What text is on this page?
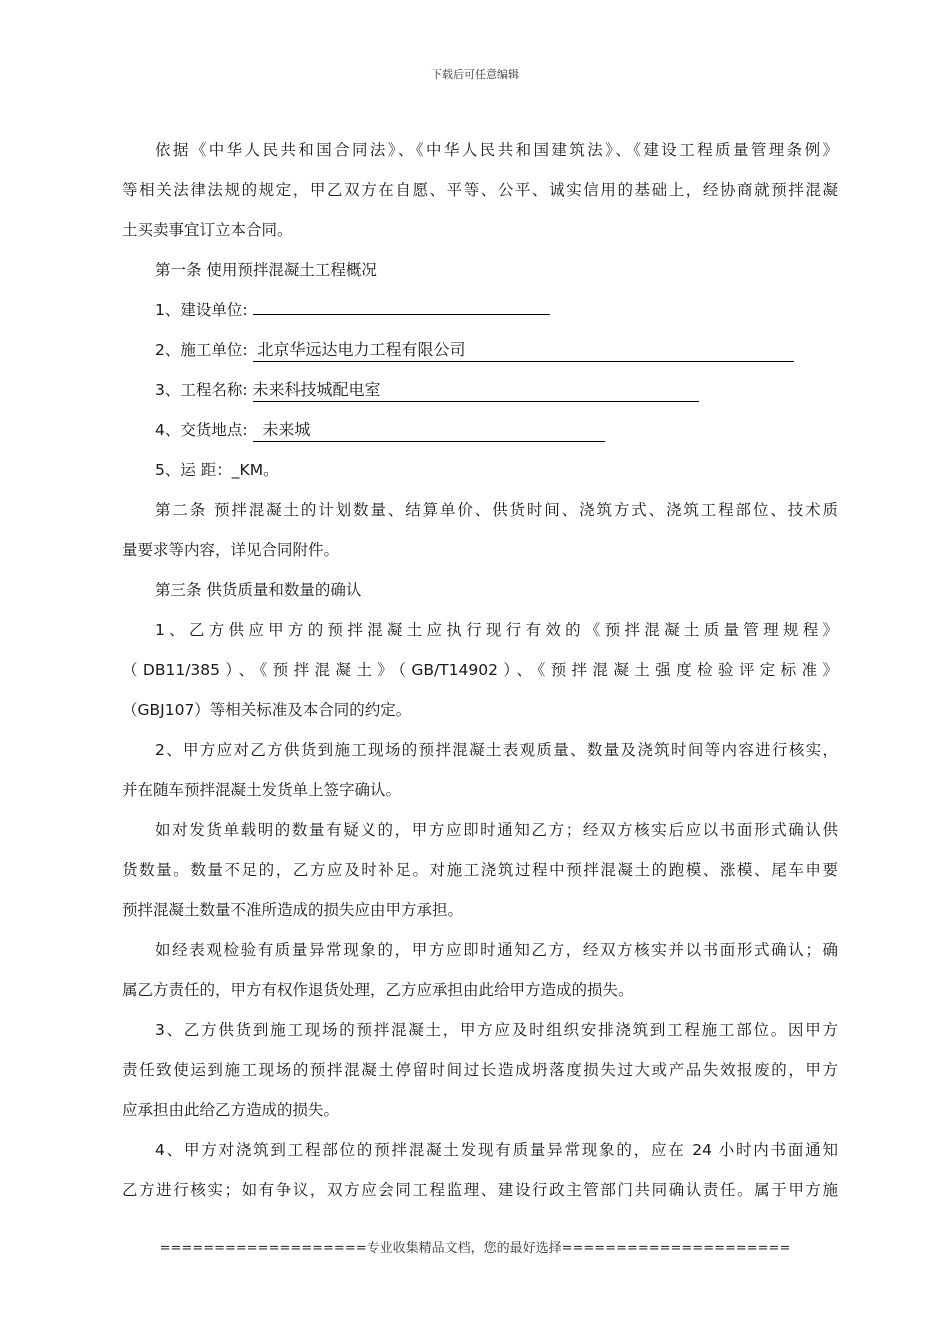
下载后可任意编辑

依据《中华人民共和国合同法》、《中华人民共和国建筑法》、《建设工程质量管理条例》

等相关法律法规的规定，甲乙双方在自愿、平等、公平、诚实信用的基础上，经协商就预拌混凝

土买卖事宜订立本合同。

第一条 使用预拌混凝土工程概况

1、建设单位:

2、施工单位: 北京华远达电力工程有限公司

3、工程名称: 未来科技城配电室

4、交货地点: 未来城

5、运 距：_KM。

第二条 预拌混凝土的计划数量、结算单价、供货时间、浇筑方式、浇筑工程部位、技术质

量要求等内容，详见合同附件。

第三条 供货质量和数量的确认

1、乙方供应甲方的预拌混凝土应执行现行有效的《预拌混凝土质量管理规程》

（DB11/385）、《预拌混凝土》（GB/T14902）、《预拌混凝土强度检验评定标准》

（GBJ107）等相关标准及本合同的约定。

2、甲方应对乙方供货到施工现场的预拌混凝土表观质量、数量及浇筑时间等内容进行核实，

并在随车预拌混凝土发货单上签字确认。

如对发货单载明的数量有疑义的，甲方应即时通知乙方；经双方核实后应以书面形式确认供

货数量。数量不足的，乙方应及时补足。对施工浇筑过程中预拌混凝土的跑模、涨模、尾车申要

预拌混凝土数量不准所造成的损失应由甲方承担。

如经表观检验有质量异常现象的，甲方应即时通知乙方，经双方核实并以书面形式确认；确

属乙方责任的，甲方有权作退货处理，乙方应承担由此给甲方造成的损失。

3、乙方供货到施工现场的预拌混凝土，甲方应及时组织安排浇筑到工程施工部位。因甲方

责任致使运到施工现场的预拌混凝土停留时间过长造成坍落度损失过大或产品失效报废的，甲方

应承担由此给乙方造成的损失。

4、甲方对浇筑到工程部位的预拌混凝土发现有质量异常现象的，应在 24 小时内书面通知

乙方进行核实；如有争议，双方应会同工程监理、建设行政主管部门共同确认责任。属于甲方施

===================专业收集精品文档，您的最好选择=====================
